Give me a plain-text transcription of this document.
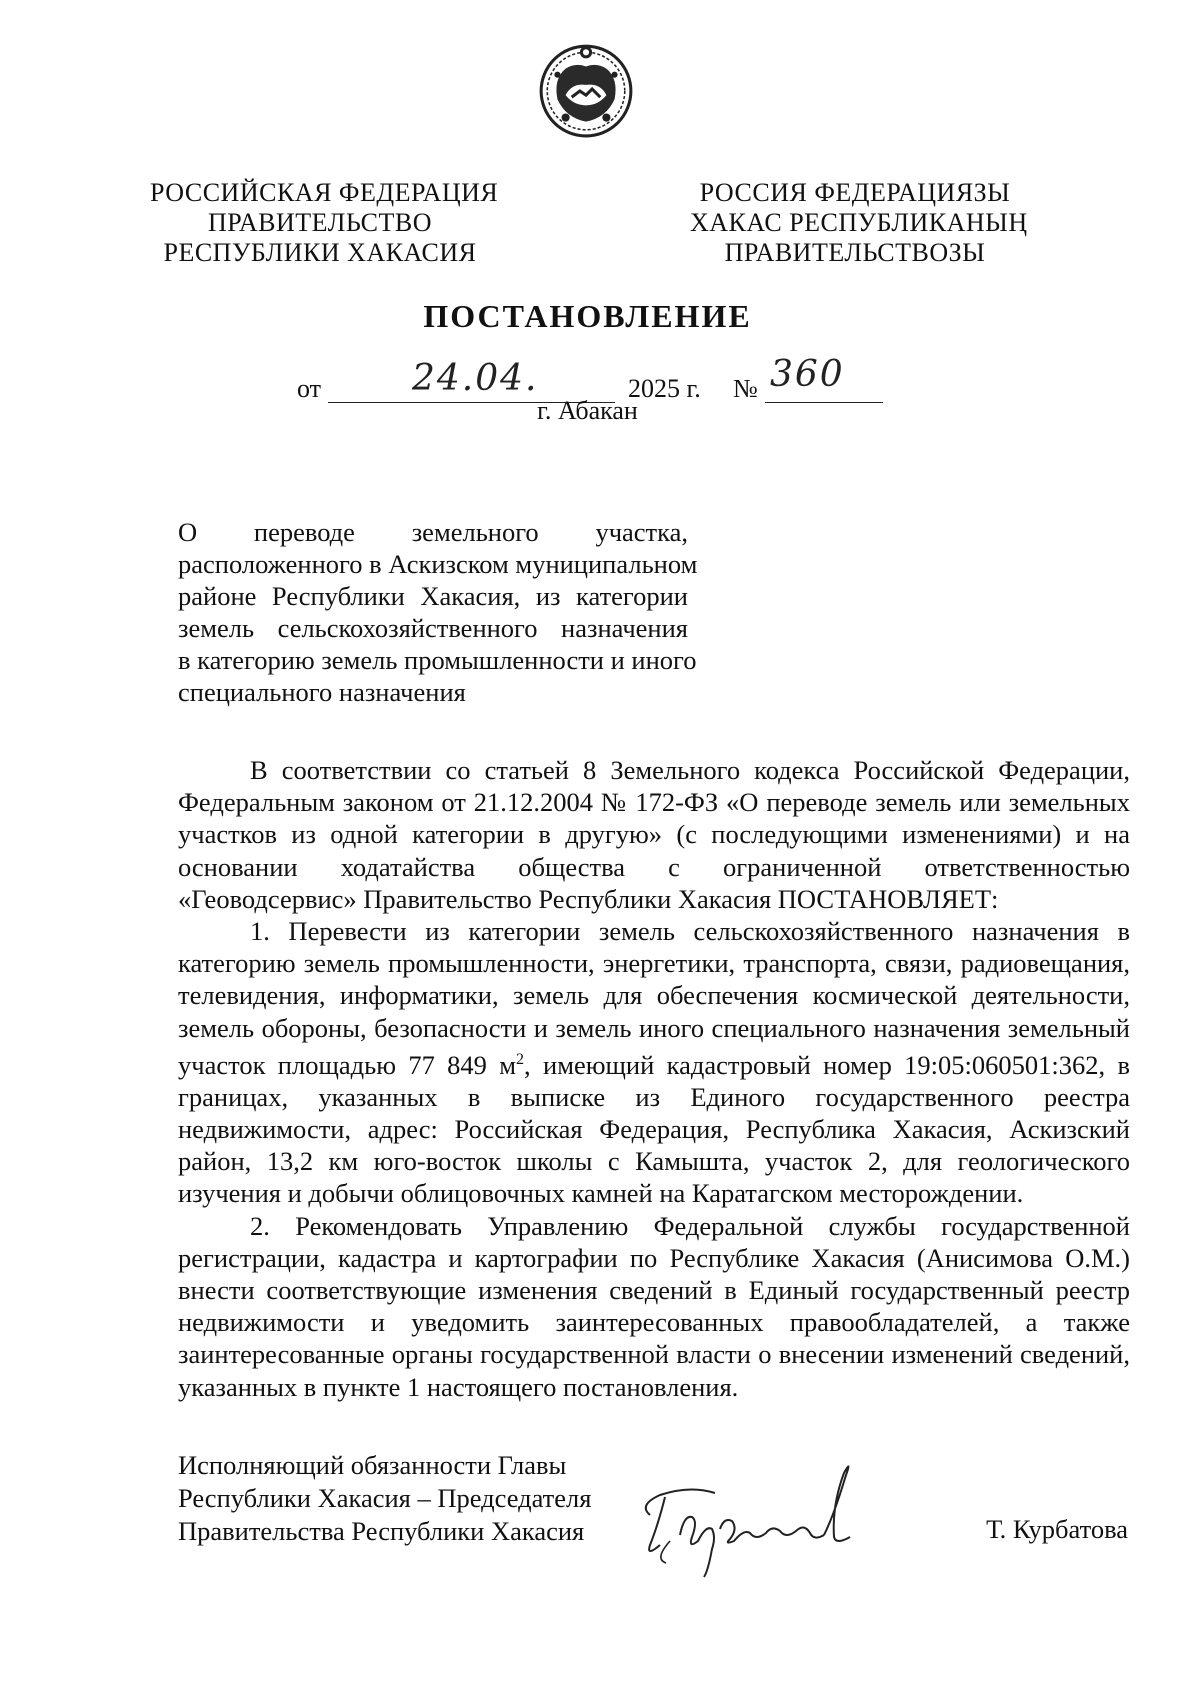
РОССИЙСКАЯ ФЕДЕРАЦИЯ
ПРАВИТЕЛЬСТВО
РЕСПУБЛИКИ ХАКАСИЯ
РОССИЯ ФЕДЕРАЦИЯЗЫ
ХАКАС РЕСПУБЛИКАНЫҢ
ПРАВИТЕЛЬСТВОЗЫ
ПОСТАНОВЛЕНИЕ
от	24.04.	2025 г. № 360
г. Абакан
О переводе земельного участка,
расположенного в Аскизском муниципальном
районе Республики Хакасия, из категории
земель сельскохозяйственного назначения
в категорию земель промышленности и иного
специального назначения

В соответствии со статьей 8 Земельного кодекса Российской Федерации, Федеральным законом от 21.12.2004 № 172-ФЗ «О переводе земель или земельных участков из одной категории в другую» (с последующими изменениями) и на основании ходатайства общества с ограниченной ответственностью «Геоводсервис» Правительство Республики Хакасия ПОСТАНОВЛЯЕТ:

1. Перевести из категории земель сельскохозяйственного назначения в категорию земель промышленности, энергетики, транспорта, связи, радиовещания, телевидения, информатики, земель для обеспечения космической деятельности, земель обороны, безопасности и земель иного специального назначения земельный участок площадью 77 849 $м^2$, имеющий кадастровый номер 19:05:060501:362, в границах, указанных в выписке из Единого государственного реестра недвижимости, адрес: Российская Федерация, Республика Хакасия, Аскизский район, 13,2 км юго-восток школы с Камышта, участок 2, для геологического изучения и добычи облицовочных камней на Каратагском месторождении.

2. Рекомендовать Управлению Федеральной службы государственной регистрации, кадастра и картографии по Республике Хакасия (Анисимова О.М.) внести соответствующие изменения сведений в Единый государственный реестр недвижимости и уведомить заинтересованных правообладателей, а также заинтересованные органы государственной власти о внесении изменений сведений, указанных в пункте 1 настоящего постановления.

Исполняющий обязанности Главы
Республики Хакасия – Председателя
Правительства Республики Хакасия	Т. Курбатова
